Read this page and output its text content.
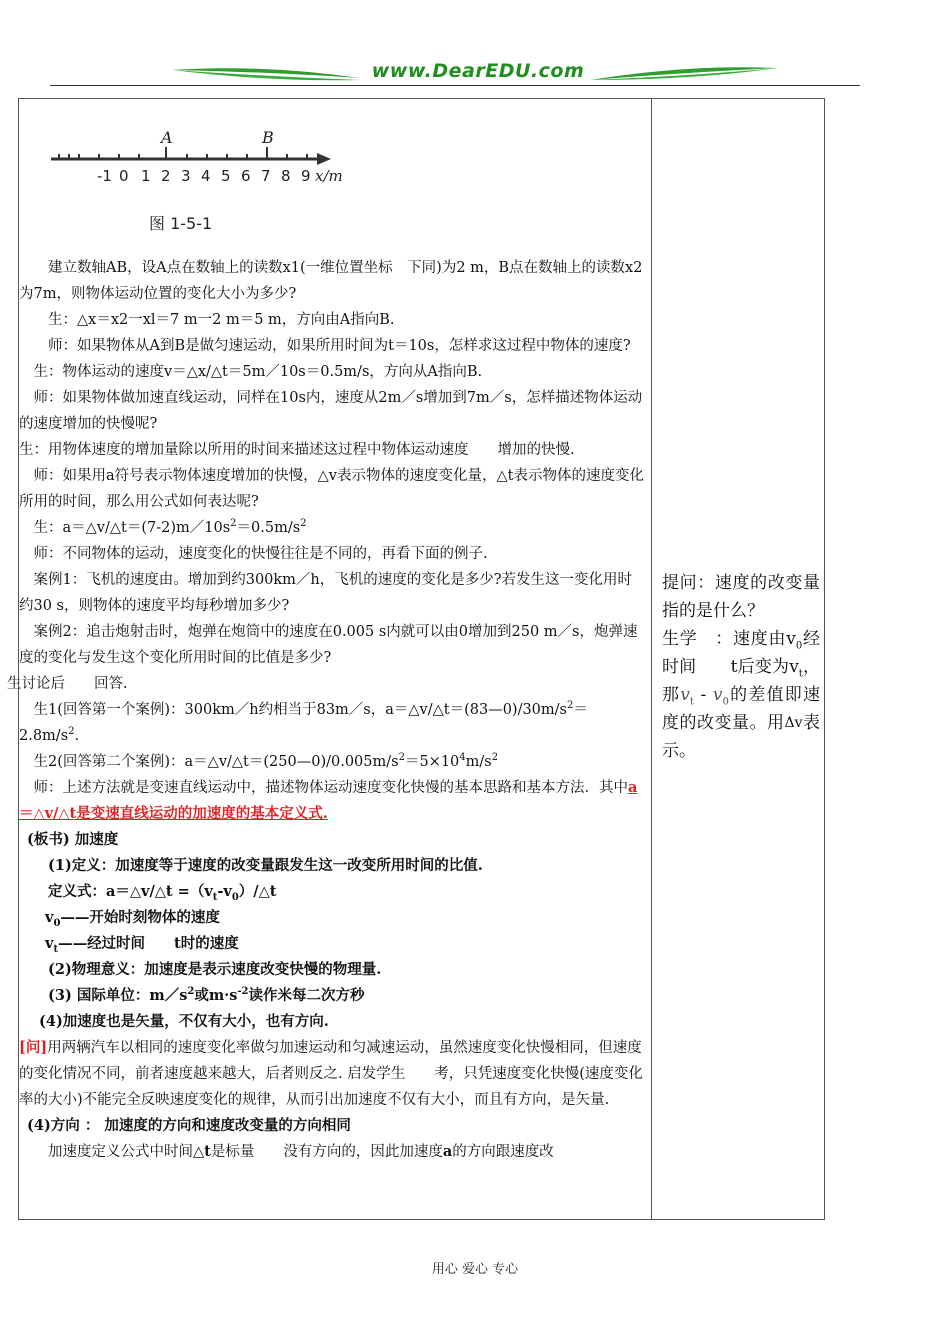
www.DearEDU.com
A	B
-1 0 1 2 3 4 5 6 7 8 9 x/m
图 1-5-1

建立数轴AB，设A点在数轴上的读数x1(一维位置坐标　下同)为2 m，B点在数轴上的读数x2为7m，则物体运动位置的变化大小为多少?

生：△x＝x2一xl＝7 m一2 m＝5 m，方向由A指向B.

师：如果物体从A到B是做匀速运动，如果所用时间为t＝10s，怎样求这过程中物体的速度?

生：物体运动的速度v＝△x/△t＝5m／10s＝0.5m/s，方向从A指向B.

师：如果物体做加速直线运动，同样在10s内，速度从2m／s增加到7m／s，怎样描述物体运动的速度增加的快慢呢?

生：用物体速度的增加量除以所用的时间来描述这过程中物体运动速度　　增加的快慢.

师：如果用a符号表示物体速度增加的快慢，△v表示物体的速度变化量，△t表示物体的速度变化所用的时间，那么用公式如何表达呢?

生：$a=\triangle v/\triangle t=(7-2)m/10s^2=0.5m/s^2$

师：不同物体的运动，速度变化的快慢往往是不同的，再看下面的例子.

案例1：飞机的速度由。增加到约300km／h，飞机的速度的变化是多少?若发生这一变化用时约30 s，则物体的速度平均每秒增加多少?

案例2：追击炮射击时，炮弹在炮筒中的速度在0.005 s内就可以由0增加到250 m／s，炮弹速度的变化与发生这个变化所用时间的比值是多少?

生讨论后　　回答.

生1(回答第一个案例)：300km／h约相当于83m／s，$a=\triangle v/\triangle t=(83—0)/30m/s^2=2.8m/s^2$.

生2(回答第二个案例)：$a=\triangle v/\triangle t=(250—0)/0.005m/s^2=5\times 10^4m/s^2$

师：上述方法就是变速直线运动中，描述物体运动速度变化快慢的基本思路和基本方法．其中a＝△v/△t是变速直线运动的加速度的基本定义式.

(板书) 加速度

(1)定义：加速度等于速度的改变量跟发生这一改变所用时间的比值.

定义式：a＝△v/△t $=(v_t-v_0)/\triangle t$

$v_0——$开始时刻物体的速度

$v_t——$经过时间　　t时的速度

(2)物理意义：加速度是表示速度改变快慢的物理量.

(3) 国际单位：$m/s^2$或$m\cdot s^{-2}$读作米每二次方秒

(4)加速度也是矢量，不仅有大小，也有方向.

[问]用两辆汽车以相同的速度变化率做匀加速运动和匀减速运动，虽然速度变化快慢相同，但速度的变化情况不同，前者速度越来越大，后者则反之. 启发学生　　考，只凭速度变化快慢(速度变化率的大小)不能完全反映速度变化的规律，从而引出加速度不仅有大小，而且有方向，是矢量.

(4)方向 ： 加速度的方向和速度改变量的方向相同

加速度定义公式中时间△t是标量　　没有方向的，因此加速度a的方向跟速度改

提问：速度的改变量指的是什么？
生学　：速度由$v_0$经时间　　t后变为$v_t$，那$v_t - v_0$的差值即速度的改变量。用$^{\Delta v}$表示。
用心 爱心 专心
